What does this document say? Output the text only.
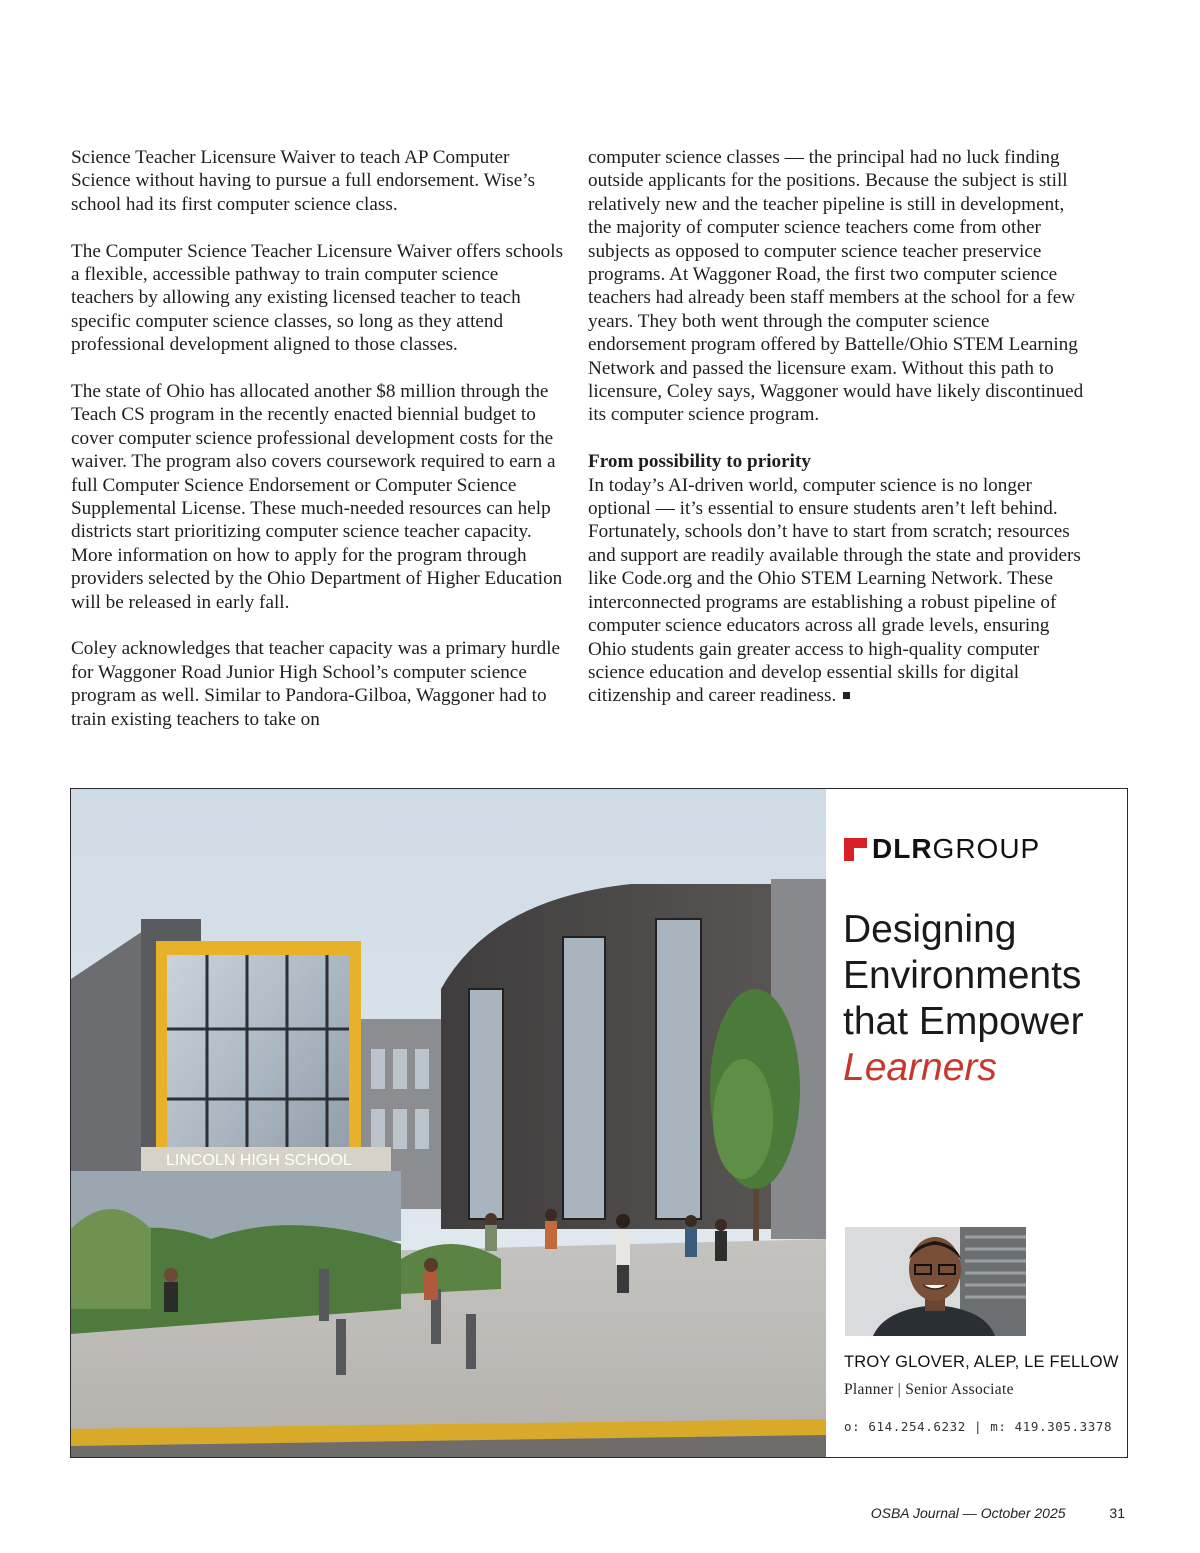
Science Teacher Licensure Waiver to teach AP Computer Science without having to pursue a full endorsement. Wise’s school had its first computer science class.

The Computer Science Teacher Licensure Waiver offers schools a flexible, accessible pathway to train computer science teachers by allowing any existing licensed teacher to teach specific computer science classes, so long as they attend professional development aligned to those classes.

The state of Ohio has allocated another $8 million through the Teach CS program in the recently enacted biennial budget to cover computer science professional development costs for the waiver. The program also covers coursework required to earn a full Computer Science Endorsement or Computer Science Supplemental License. These much-needed resources can help districts start prioritizing computer science teacher capacity. More information on how to apply for the program through providers selected by the Ohio Department of Higher Education will be released in early fall.

Coley acknowledges that teacher capacity was a primary hurdle for Waggoner Road Junior High School’s computer science program as well. Similar to Pandora-Gilboa, Waggoner had to train existing teachers to take on

computer science classes — the principal had no luck finding outside applicants for the positions. Because the subject is still relatively new and the teacher pipeline is still in development, the majority of computer science teachers come from other subjects as opposed to computer science teacher preservice programs. At Waggoner Road, the first two computer science teachers had already been staff members at the school for a few years. They both went through the computer science endorsement program offered by Battelle/Ohio STEM Learning Network and passed the licensure exam. Without this path to licensure, Coley says, Waggoner would have likely discontinued its computer science program.

From possibility to priority

In today’s AI-driven world, computer science is no longer optional — it’s essential to ensure students aren’t left behind. Fortunately, schools don’t have to start from scratch; resources and support are readily available through the state and providers like Code.org and the Ohio STEM Learning Network. These interconnected programs are establishing a robust pipeline of computer science educators across all grade levels, ensuring Ohio students gain greater access to high-quality computer science education and develop essential skills for digital citizenship and career readiness.

LINCOLN HIGH SCHOOL
DLRGROUP
Designing
Environments
that Empower
Learners
TROY GLOVER, ALEP, LE FELLOW
Planner | Senior Associate
o: 614.254.6232 | m: 419.305.3378
OSBA Journal — October 2025	31
